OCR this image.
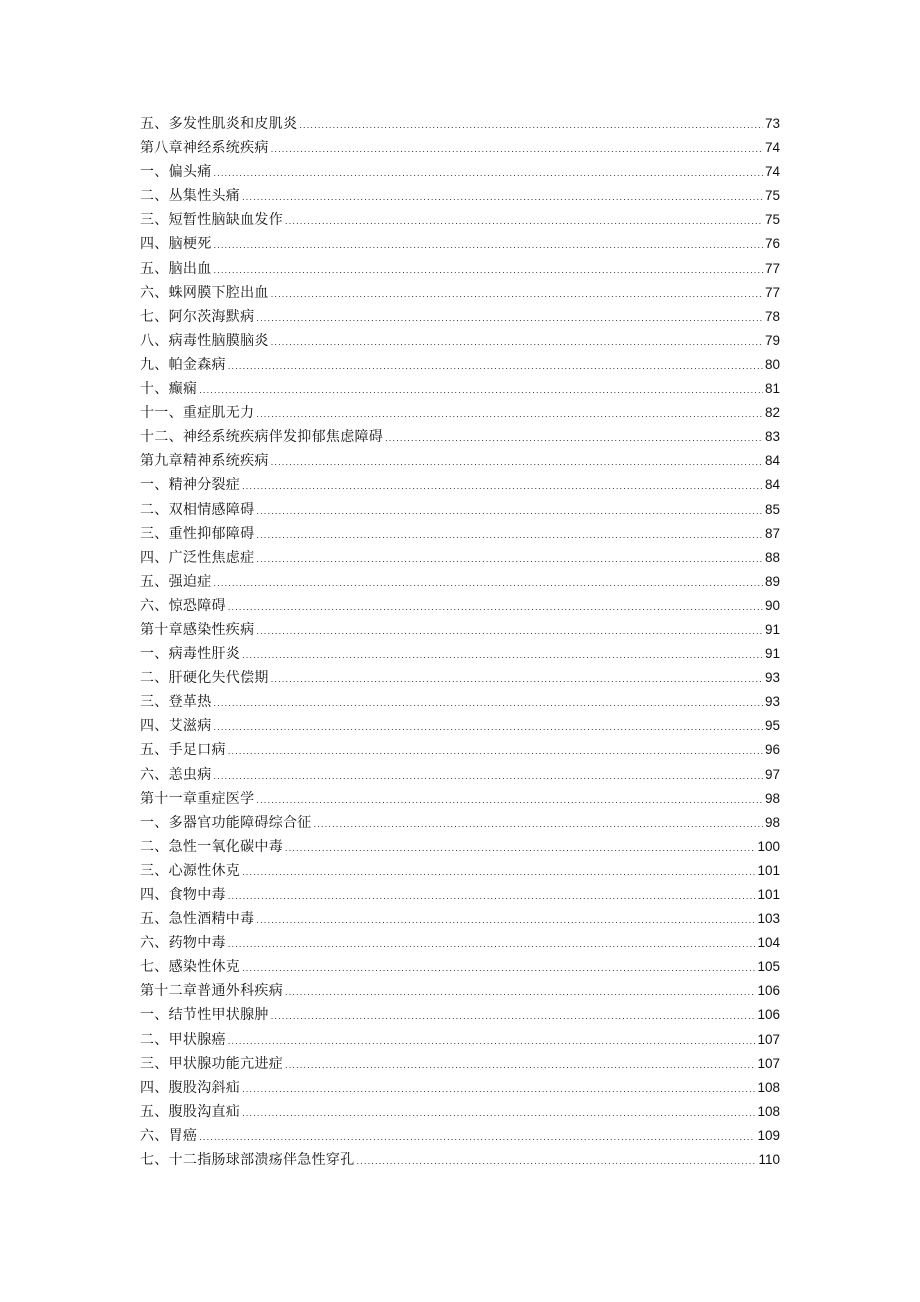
五、多发性肌炎和皮肌炎 .....	73
第八章神经系统疾病 .....	74
一、偏头痛 .....	74
二、丛集性头痛 .....	75
三、短暂性脑缺血发作 .....	75
四、脑梗死 .....	76
五、脑出血 .....	77
六、蛛网膜下腔出血 .....	77
七、阿尔茨海默病 .....	78
八、病毒性脑膜脑炎 .....	79
九、帕金森病 .....	80
十、癫痫 .....	81
十一、重症肌无力 .....	82
十二、神经系统疾病伴发抑郁焦虑障碍 .....	83
第九章精神系统疾病 .....	84
一、精神分裂症 .....	84
二、双相情感障碍 .....	85
三、重性抑郁障碍 .....	87
四、广泛性焦虑症 .....	88
五、强迫症 .....	89
六、惊恐障碍 .....	90
第十章感染性疾病 .....	91
一、病毒性肝炎 .....	91
二、肝硬化失代偿期 .....	93
三、登革热 .....	93
四、艾滋病 .....	95
五、手足口病 .....	96
六、恙虫病 .....	97
第十一章重症医学 .....	98
一、多器官功能障碍综合征 .....	98
二、急性一氧化碳中毒 .....	100
三、心源性休克 .....	101
四、食物中毒 .....	101
五、急性酒精中毒 .....	103
六、药物中毒 .....	104
七、感染性休克 .....	105
第十二章普通外科疾病 .....	106
一、结节性甲状腺肿 .....	106
二、甲状腺癌 .....	107
三、甲状腺功能亢进症 .....	107
四、腹股沟斜疝 .....	108
五、腹股沟直疝 .....	108
六、胃癌 .....	109
七、十二指肠球部溃疡伴急性穿孔 .....	110
